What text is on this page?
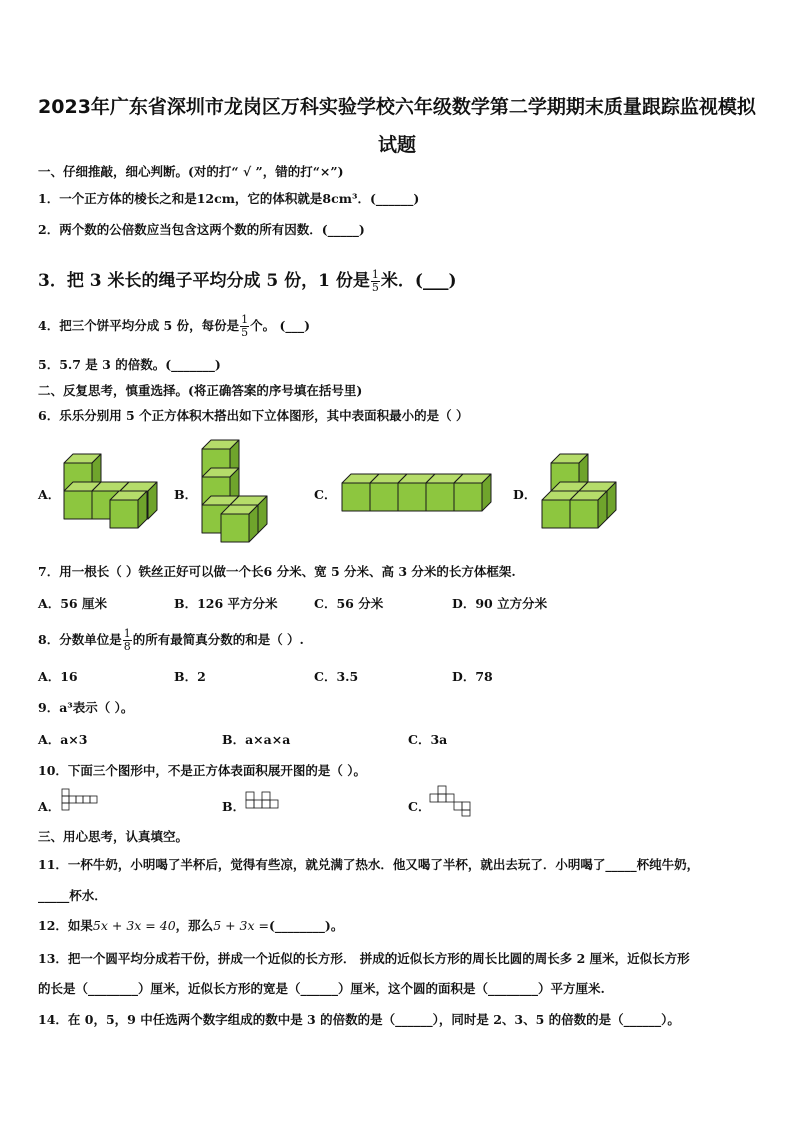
2023年广东省深圳市龙岗区万科实验学校六年级数学第二学期期末质量跟踪监视模拟
试题
一、仔细推敲，细心判断。(对的打“ √ ”，错的打“×”)
1．一个正方体的棱长之和是12cm，它的体积就是8cm³．(______)
2．两个数的公倍数应当包含这两个数的所有因数．(_____)
3．把 3 米长的绳子平均分成 5 份，1 份是 $\frac{1}{5}$ 米．(___)
4．把三个饼平均分成 5 份，每份是 $\frac{1}{5}$ 个。 (___)
5．5.7 是 3 的倍数。(_______)
二、反复思考，慎重选择。(将正确答案的序号填在括号里)
6．乐乐分别用 5 个正方体积木搭出如下立体图形，其中表面积最小的是（ ）
A．	B．	C．	D．
7．用一根长（ ）铁丝正好可以做一个长6 分米、宽 5 分米、高 3 分米的长方体框架.
A．56 厘米	B．126 平方分米	C．56 分米	D．90 立方分米
8．分数单位是 $\frac{1}{8}$ 的所有最简真分数的和是（ ）.
A．16	B．2	C．3.5	D．78
9．a³表示（ ）。
A．a×3	B．a×a×a	C．3a
10．下面三个图形中，不是正方体表面积展开图的是（ ）。
A．	B．	C．
三、用心思考，认真填空。
11．一杯牛奶，小明喝了半杯后，觉得有些凉，就兑满了热水．他又喝了半杯，就出去玩了．小明喝了_____杯纯牛奶，
_____杯水．
12．如果5x + 3x = 40，那么5 + 3x =(________)。
13．把一个圆平均分成若干份，拼成一个近似的长方形． 拼成的近似长方形的周长比圆的周长多 2 厘米，近似长方形
的长是（________）厘米，近似长方形的宽是（______）厘米，这个圆的面积是（________）平方厘米.
14．在 0，5，9 中任选两个数字组成的数中是 3 的倍数的是（______），同时是 2、3、5 的倍数的是（______）。
